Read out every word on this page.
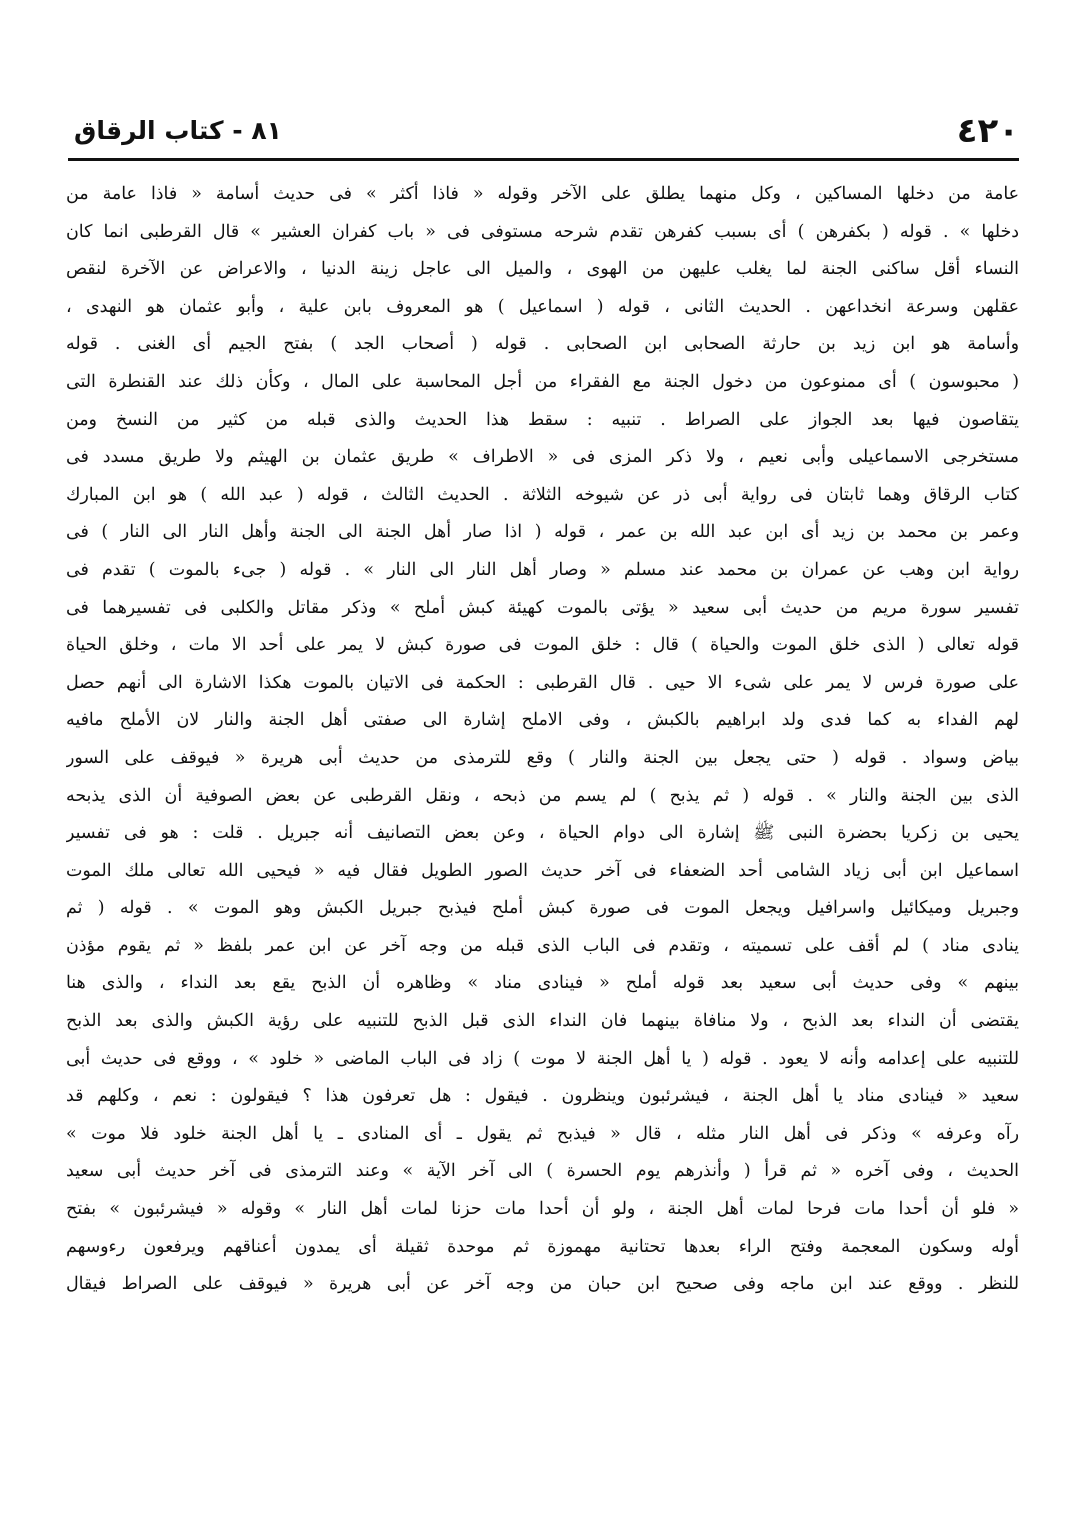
٤٢٠
٨١ - كتاب الرقاق
عامة من دخلها المساكين ، وكل منهما يطلق على الآخر وقوله « فاذا أكثر » فى حديث أسامة « فاذا عامة من
دخلها » . قوله ( بكفرهن ) أى بسبب كفرهن تقدم شرحه مستوفى فى « باب كفران العشير » قال القرطبى انما كان
النساء أقل ساكنى الجنة لما يغلب عليهن من الهوى ، والميل الى عاجل زينة الدنيا ، والاعراض عن الآخرة لنقص
عقلهن وسرعة انخداعهن . الحديث الثانى ، قوله ( اسماعيل ) هو المعروف بابن علية ، وأبو عثمان هو النهدى ،
وأسامة هو ابن زيد بن حارثة الصحابى ابن الصحابى . قوله ( أصحاب الجد ) بفتح الجيم أى الغنى . قوله
( محبوسون ) أى ممنوعون من دخول الجنة مع الفقراء من أجل المحاسبة على المال ، وكأن ذلك عند القنطرة التى
يتقاصون فيها بعد الجواز على الصراط . تنبيه : سقط هذا الحديث والذى قبله من كثير من النسخ ومن
مستخرجى الاسماعيلى وأبى نعيم ، ولا ذكر المزى فى « الاطراف » طريق عثمان بن الهيثم ولا طريق مسدد فى
كتاب الرقاق وهما ثابتان فى رواية أبى ذر عن شيوخه الثلاثة . الحديث الثالث ، قوله ( عبد الله ) هو ابن المبارك
وعمر بن محمد بن زيد أى ابن عبد الله بن عمر ، قوله ( اذا صار أهل الجنة الى الجنة وأهل النار الى النار ) فى
رواية ابن وهب عن عمران بن محمد عند مسلم « وصار أهل النار الى النار » . قوله ( جىء بالموت ) تقدم فى
تفسير سورة مريم من حديث أبى سعيد « يؤتى بالموت كهيئة كبش أملح » وذكر مقاتل والكلبى فى تفسيرهما فى
قوله تعالى ( الذى خلق الموت والحياة ) قال : خلق الموت فى صورة كبش لا يمر على أحد الا مات ، وخلق الحياة
على صورة فرس لا يمر على شىء الا حيى . قال القرطبى : الحكمة فى الاتيان بالموت هكذا الاشارة الى أنهم حصل
لهم الفداء به كما فدى ولد ابراهيم بالكبش ، وفى الاملح إشارة الى صفتى أهل الجنة والنار لان الأملح مافيه
بياض وسواد . قوله ( حتى يجعل بين الجنة والنار ) وقع للترمذى من حديث أبى هريرة « فيوقف على السور
الذى بين الجنة والنار » . قوله ( ثم يذبح ) لم يسم من ذبحه ، ونقل القرطبى عن بعض الصوفية أن الذى يذبحه
يحيى بن زكريا بحضرة النبى ﷺ إشارة الى دوام الحياة ، وعن بعض التصانيف أنه جبريل . قلت : هو فى تفسير
اسماعيل ابن أبى زياد الشامى أحد الضعفاء فى آخر حديث الصور الطويل فقال فيه « فيحيى الله تعالى ملك الموت
وجبريل وميكائيل واسرافيل ويجعل الموت فى صورة كبش أملح فيذبح جبريل الكبش وهو الموت » . قوله ( ثم
ينادى مناد ) لم أقف على تسميته ، وتقدم فى الباب الذى قبله من وجه آخر عن ابن عمر بلفظ « ثم يقوم مؤذن
بينهم » وفى حديث أبى سعيد بعد قوله أملح « فينادى مناد » وظاهره أن الذبح يقع بعد النداء ، والذى هنا
يقتضى أن النداء بعد الذبح ، ولا منافاة بينهما فان النداء الذى قبل الذبح للتنبيه على رؤية الكبش والذى بعد الذبح
للتنبيه على إعدامه وأنه لا يعود . قوله ( يا أهل الجنة لا موت ) زاد فى الباب الماضى « خلود » ، ووقع فى حديث أبى
سعيد « فينادى مناد يا أهل الجنة ، فيشرئبون وينظرون . فيقول : هل تعرفون هذا ؟ فيقولون : نعم ، وكلهم قد
رآه وعرفه » وذكر فى أهل النار مثله ، قال « فيذبح ثم يقول ـ أى المنادى ـ يا أهل الجنة خلود فلا موت »
الحديث ، وفى آخره « ثم قرأ ( وأنذرهم يوم الحسرة ) الى آخر الآية » وعند الترمذى فى آخر حديث أبى سعيد
« فلو أن أحدا مات فرحا لمات أهل الجنة ، ولو أن أحدا مات حزنا لمات أهل النار » وقوله « فيشرئبون » بفتح
أوله وسكون المعجمة وفتح الراء بعدها تحتانية مهموزة ثم موحدة ثقيلة أى يمدون أعناقهم ويرفعون رءوسهم
للنظر . ووقع عند ابن ماجه وفى صحيح ابن حبان من وجه آخر عن أبى هريرة « فيوقف على الصراط فيقال
